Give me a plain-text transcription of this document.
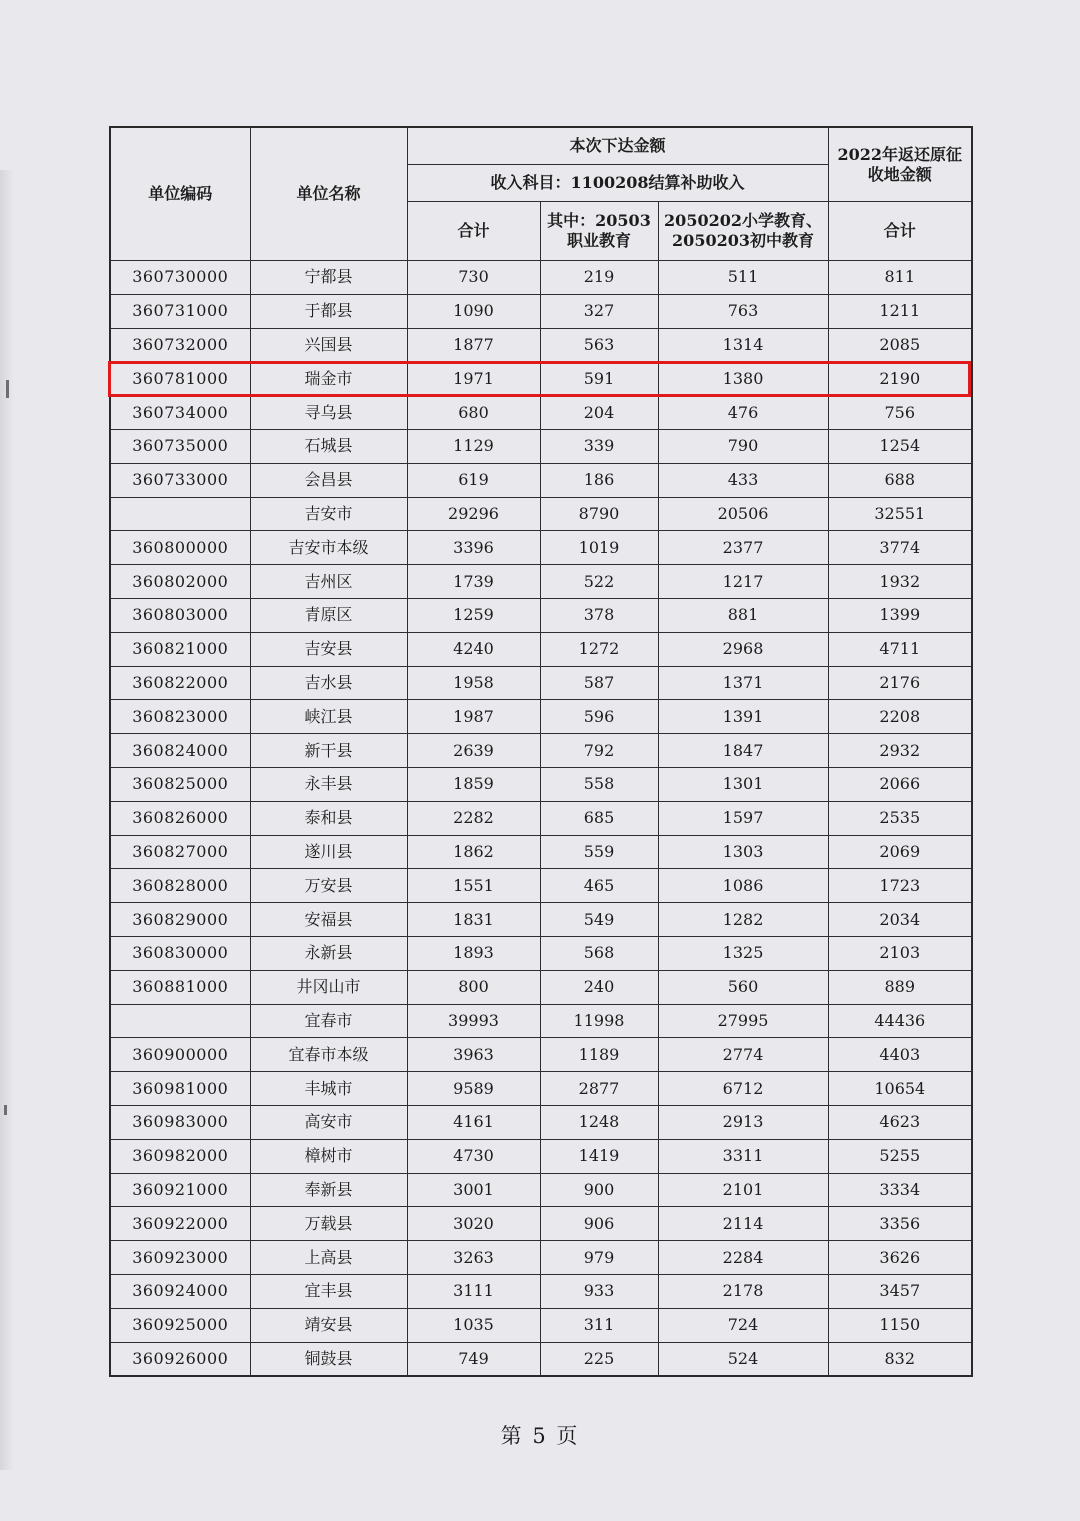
单位编码	单位名称	本次下达金额			2022年返还原征
收地金额
		收入科目：1100208结算补助收入			
		合计	其中：20503
职业教育	2050202小学教育、
2050203初中教育	合计
360730000	宁都县	730	219	511	811
360731000	于都县	1090	327	763	1211
360732000	兴国县	1877	563	1314	2085
360781000	瑞金市	1971	591	1380	2190
360734000	寻乌县	680	204	476	756
360735000	石城县	1129	339	790	1254
360733000	会昌县	619	186	433	688
	吉安市	29296	8790	20506	32551
360800000	吉安市本级	3396	1019	2377	3774
360802000	吉州区	1739	522	1217	1932
360803000	青原区	1259	378	881	1399
360821000	吉安县	4240	1272	2968	4711
360822000	吉水县	1958	587	1371	2176
360823000	峡江县	1987	596	1391	2208
360824000	新干县	2639	792	1847	2932
360825000	永丰县	1859	558	1301	2066
360826000	泰和县	2282	685	1597	2535
360827000	遂川县	1862	559	1303	2069
360828000	万安县	1551	465	1086	1723
360829000	安福县	1831	549	1282	2034
360830000	永新县	1893	568	1325	2103
360881000	井冈山市	800	240	560	889
	宜春市	39993	11998	27995	44436
360900000	宜春市本级	3963	1189	2774	4403
360981000	丰城市	9589	2877	6712	10654
360983000	高安市	4161	1248	2913	4623
360982000	樟树市	4730	1419	3311	5255
360921000	奉新县	3001	900	2101	3334
360922000	万载县	3020	906	2114	3356
360923000	上高县	3263	979	2284	3626
360924000	宜丰县	3111	933	2178	3457
360925000	靖安县	1035	311	724	1150
360926000	铜鼓县	749	225	524	832
第 5 页
